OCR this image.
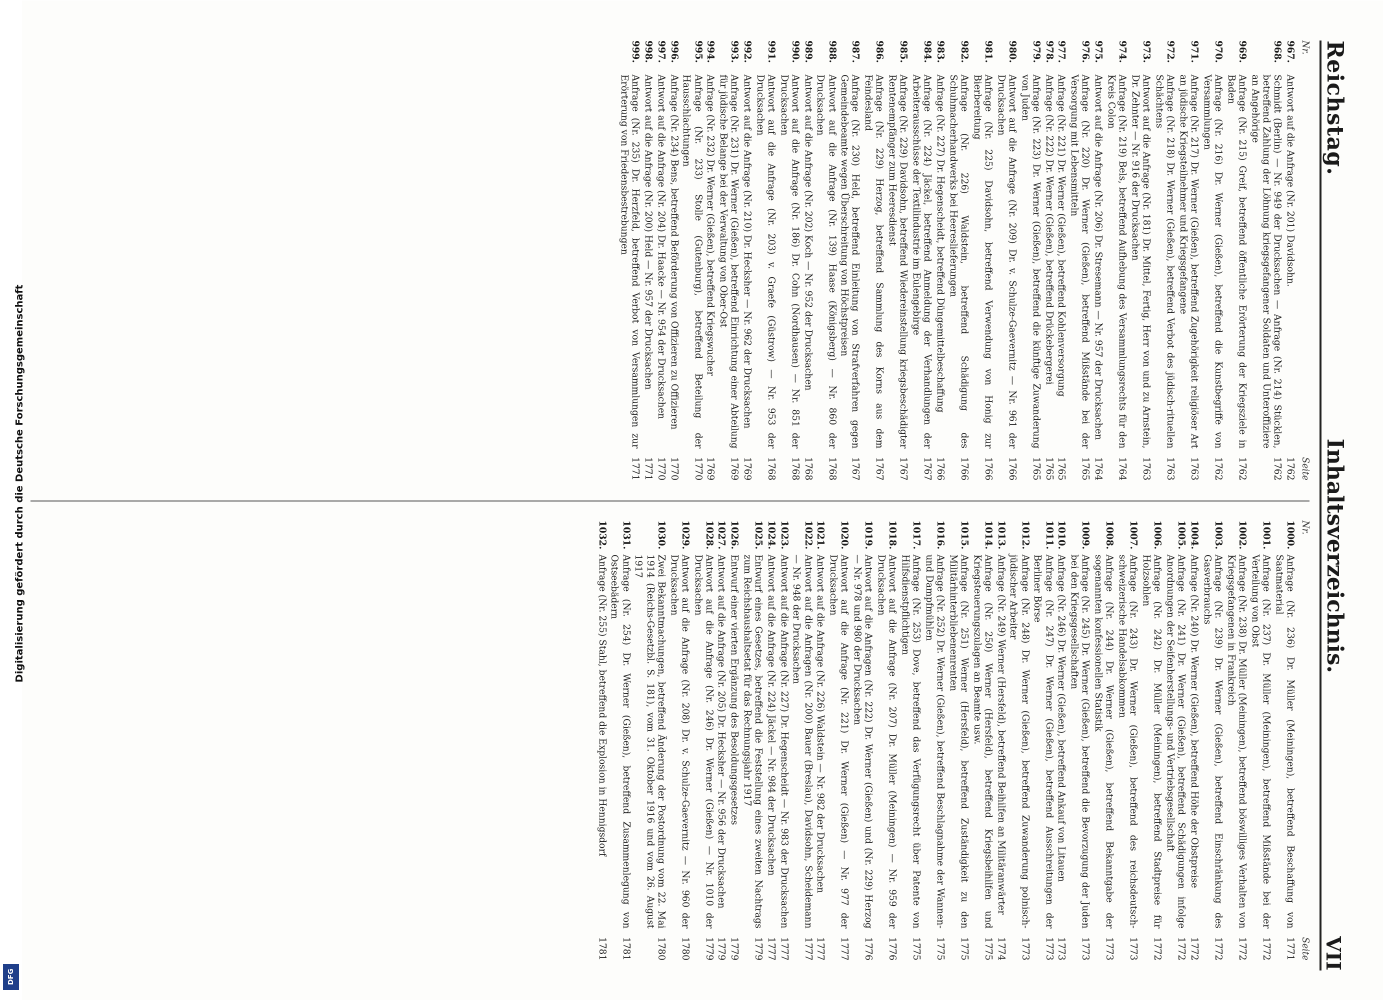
Reichstag.
Inhaltsverzeichnis.
VII
Nr.
Seite
967.
Antwort auf die Anfrage (Nr. 201) Davidsohn.
1762
968.
Schmidt (Berlin) — Nr. 949 der Drucksachen — Anfrage (Nr. 214) Stücklen, betreffend Zahlung der Löhnung kriegsgefangener Soldaten und Unteroffiziere an Angehörige
1762
969.
Anfrage (Nr. 215) Greif, betreffend öffentliche Erörterung der Kriegsziele in Baden
1762
970.
Anfrage (Nr. 216) Dr. Werner (Gießen), betreffend die Kunstbegriffe von Versammlungen
1762
971.
Anfrage (Nr. 217) Dr. Werner (Gießen), betreffend Zugehörigkeit religiöser Art an jüdische Kriegsteilnehmer und Kriegsgefangene
1763
972.
Anfrage (Nr. 218) Dr. Werner (Gießen), betreffend Verbot des jüdisch-rituellen Schächtens
1763
973.
Antwort auf die Anfrage (Nr. 181) Dr. Mittel, Fertig, Herr von und zu Arnstein, Dr. Zehnter — Nr. 916 der Drucksachen
1763
974.
Anfrage (Nr. 219) Bels, betreffend Aufhebung des Versammlungsrechts für den Kreis Colon
1764
975.
Antwort auf die Anfrage (Nr. 206) Dr. Stresemann — Nr. 957 der Drucksachen
1764
976.
Anfrage (Nr. 220) Dr. Werner (Gießen), betreffend Mißstände bei der Versorgung mit Lebensmitteln
1765
977.
Anfrage (Nr. 221) Dr. Werner (Gießen), betreffend Kohlenversorgung
1765
978.
Anfrage (Nr. 222) Dr. Werner (Gießen), betreffend Drückebergerei
1765
979.
Anfrage (Nr. 223) Dr. Werner (Gießen), betreffend die künftige Zuwanderung von Juden
1765
980.
Antwort auf die Anfrage (Nr. 209) Dr. v. Schulze-Gaevernitz — Nr. 961 der Drucksachen
1766
981.
Anfrage (Nr. 225) Davidsohn, betreffend Verwendung von Honig zur Bierbereitung
1766
982.
Anfrage (Nr. 226) Waldstein, betreffend Schädigung des Schuhmacherhandwerks bei Heereslieferungen
1766
983.
Anfrage (Nr. 227) Dr. Hegenscheidt, betreffend Düngemittelbeschaffung
1766
984.
Anfrage (Nr. 224) Jäckel, betreffend Anmeldung der Verhandlungen der Arbeiterausschüsse der Textilindustrie im Eulengebirge
1767
985.
Anfrage (Nr. 229) Davidsohn, betreffend Wiedereinstellung kriegsbeschädigter Rentenempfänger zum Heeresdienst
1767
986.
Anfrage (Nr. 229) Herzog, betreffend Sammlung des Korns aus dem Feindesland
1767
987.
Anfrage (Nr. 230) Held, betreffend Einleitung von Strafverfahren gegen Gemeindebeamte wegen Überschreitung von Höchstpreisen
1767
988.
Antwort auf die Anfrage (Nr. 139) Haase (Königsberg) — Nr. 860 der Drucksachen
1768
989.
Antwort auf die Anfrage (Nr. 202) Koch — Nr. 952 der Drucksachen
1768
990.
Antwort auf die Anfrage (Nr. 186) Dr. Cohn (Nordhausen) — Nr. 851 der Drucksachen
1768
991.
Antwort auf die Anfrage (Nr. 203) v. Graefe (Güstrow) — Nr. 953 der Drucksachen
1768
992.
Antwort auf die Anfrage (Nr. 210) Dr. Hecksher — Nr. 962 der Drucksachen
1769
993.
Anfrage (Nr. 231) Dr. Werner (Gießen), betreffend Einrichtung einer Abteilung für jüdische Belange bei der Verwaltung von Ober-Ost
1769
994.
Anfrage (Nr. 232) Dr. Werner (Gießen), betreffend Kriegswucher
1769
995.
Anfrage (Nr. 233) Stolle (Gutenburg), betreffend Beteilung der Hausschlachtungen
1770
996.
Anfrage (Nr. 234) Bens, betreffend Beförderung von Offizieren zu Offizieren
1770
997.
Antwort auf die Anfrage (Nr. 204) Dr. Haacke — Nr. 954 der Drucksachen
1770
998.
Antwort auf die Anfrage (Nr. 200) Held — Nr. 957 der Drucksachen
1771
999.
Anfrage (Nr. 235) Dr. Herzfeld, betreffend Verbot von Versammlungen zur Erörterung von Friedensbestrebungen
1771
Nr.
Seite
1000.
Anfrage (Nr. 236) Dr. Müller (Meiningen), betreffend Beschaffung von Saatmaterial
1771
1001.
Anfrage (Nr. 237) Dr. Müller (Meiningen), betreffend Mißstände bei der Verteilung von Obst
1772
1002.
Anfrage (Nr. 238) Dr. Müller (Meiningen), betreffend böswilliges Verhalten von Kriegsgefangenen in Frankreich
1772
1003.
Anfrage (Nr. 239) Dr. Werner (Gießen), betreffend Einschränkung des Gasverbrauchs
1772
1004.
Anfrage (Nr. 240) Dr. Werner (Gießen), betreffend Höhe der Obstpreise
1772
1005.
Anfrage (Nr. 241) Dr. Werner (Gießen), betreffend Schädigungen infolge Anordnungen der Seifenherstellungs- und Vertriebsgesellschaft
1772
1006.
Anfrage (Nr. 242) Dr. Müller (Meiningen), betreffend Stadtpreise für Holzsohlen
1772
1007.
Anfrage (Nr. 243) Dr. Werner (Gießen), betreffend des reichsdeutsch-schweizerische Handelsabkommen
1773
1008.
Anfrage (Nr. 244) Dr. Werner (Gießen), betreffend Bekanntgabe der sogenannten konfessionellen Statistik
1773
1009.
Anfrage (Nr. 245) Dr. Werner (Gießen), betreffend die Bevorzugung der Juden bei den Kriegsgesellschaften
1773
1010.
Anfrage (Nr. 246) Dr. Werner (Gießen), betreffend Ankauf von Litauen
1773
1011.
Anfrage (Nr. 247) Dr. Werner (Gießen), betreffend Ausschreitungen der Berliner Börse
1773
1012.
Anfrage (Nr. 248) Dr. Werner (Gießen), betreffend Zuwanderung polnisch-jüdischer Arbeiter
1773
1013.
Anfrage (Nr. 249) Werner (Hersfeld), betreffend Beihilfen an Militäranwärter
1774
1014.
Anfrage (Nr. 250) Werner (Hersfeld), betreffend Kriegsbeihilfen und Kriegsteuerungszulagen an Beamte usw.
1775
1015.
Anfrage (Nr. 251) Werner (Hersfeld), betreffend Zuständigkeit zu den Militärhinterbliebenenrenten
1775
1016.
Anfrage (Nr. 252) Dr. Werner (Gießen), betreffend Beschlagnahme der Wannen- und Dampfmühlen
1775
1017.
Anfrage (Nr. 253) Dove, betreffend das Verfügungsrecht über Patente von Hilfsdienstpflichtigen
1775
1018.
Antwort auf die Anfrage (Nr. 207) Dr. Müller (Meiningen) — Nr. 959 der Drucksachen
1776
1019.
Antwort auf die Anfragen (Nr. 222) Dr. Werner (Gießen) und (Nr. 229) Herzog — Nr. 978 und 980 der Drucksachen
1776
1020.
Antwort auf die Anfrage (Nr. 221) Dr. Werner (Gießen) — Nr. 977 der Drucksachen
1777
1021.
Antwort auf die Anfrage (Nr. 226) Waldstein — Nr. 982 der Drucksachen
1777
1022.
Antwort auf die Anfragen (Nr. 200) Bauer (Breslau), Davidsohn, Scheidemann — Nr. 948 der Drucksachen
1777
1023.
Antwort auf die Anfrage (Nr. 227) Dr. Hegenscheidt — Nr. 983 der Drucksachen
1777
1024.
Antwort auf die Anfrage (Nr. 224) Jäckel — Nr. 984 der Drucksachen
1777
1025.
Entwurf eines Gesetzes, betreffend die Feststellung eines zweiten Nachtrags zum Reichshaushaltsetat für das Rechnungsjahr 1917
1779
1026.
Entwurf einer vierten Ergänzung des Besoldungsgesetzes
1779
1027.
Antwort auf die Anfrage (Nr. 205) Dr. Hecksher — Nr. 956 der Drucksachen
1779
1028.
Antwort auf die Anfrage (Nr. 246) Dr. Werner (Gießen) — Nr. 1010 der Drucksachen
1779
1029.
Antwort auf die Anfrage (Nr. 208) Dr. v. Schulze-Gaevernitz — Nr. 960 der Drucksachen
1780
1030.
Zwei Bekanntmachungen, betreffend Änderung der Postordnung vom 22. Mai 1914 (Reichs-Gesetzbl. S. 181), vom 31. Oktober 1916 und vom 26. August 1917
1780
1031.
Anfrage (Nr. 254) Dr. Werner (Gießen), betreffend Zusammenlegung von Ostseebädern
1781
1032.
Anfrage (Nr. 255) Stahl, betreffend die Explosion in Hennigsdorf
1781
Digitalisierung gefördert durch die Deutsche Forschungsgemeinschaft
DFG
